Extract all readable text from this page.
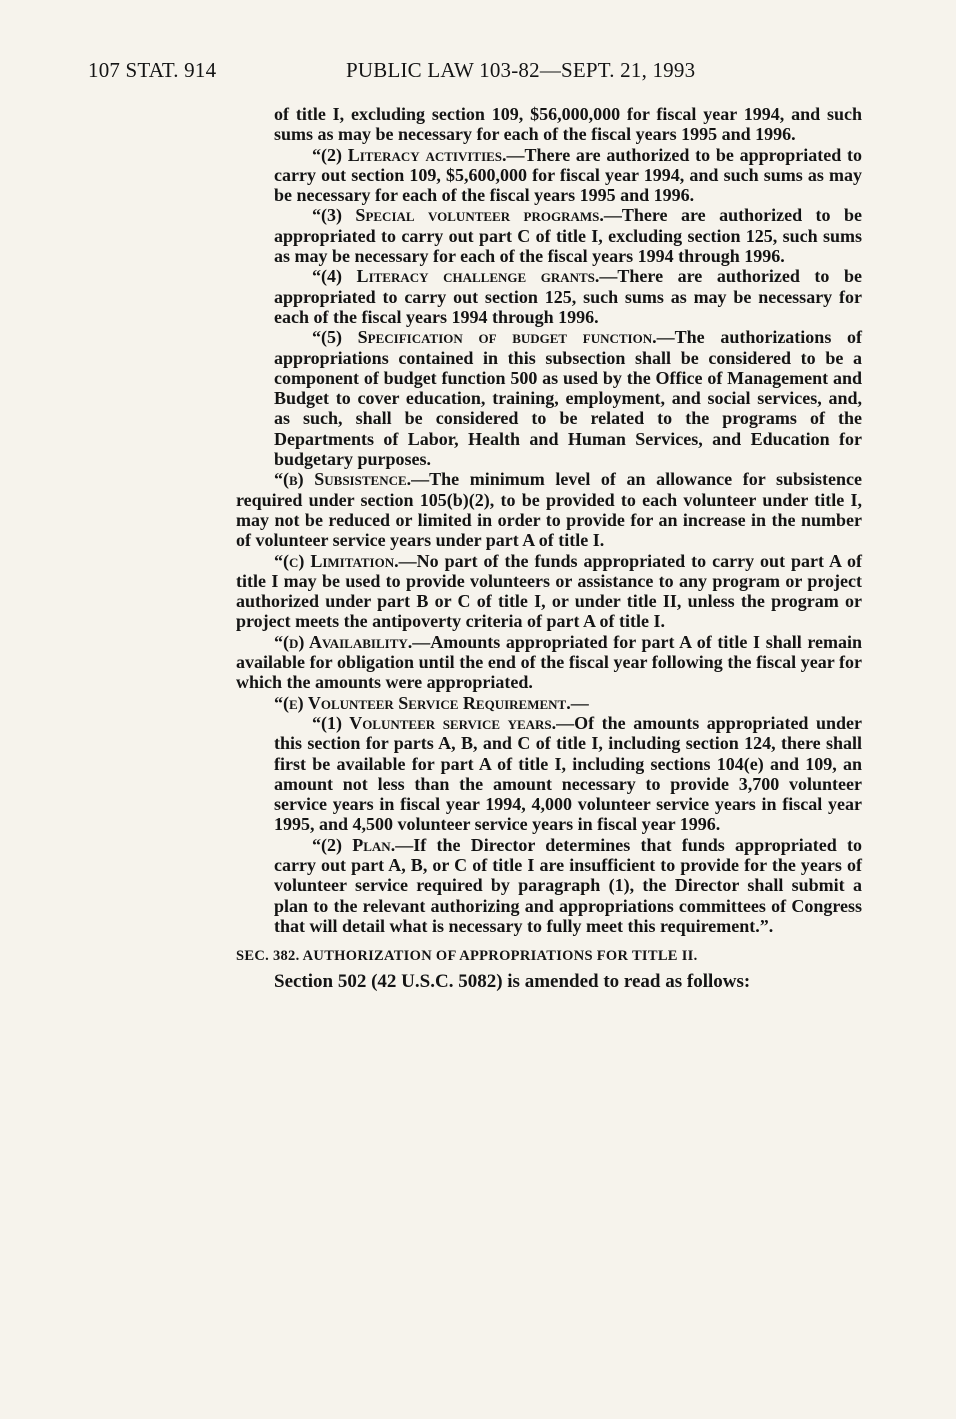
107 STAT. 914	PUBLIC LAW 103-82—SEPT. 21, 1993

of title I, excluding section 109, $56,000,000 for fiscal year 1994, and such sums as may be necessary for each of the fiscal years 1995 and 1996.

“(2) Literacy activities.—There are authorized to be appropriated to carry out section 109, $5,600,000 for fiscal year 1994, and such sums as may be necessary for each of the fiscal years 1995 and 1996.

“(3) Special volunteer programs.—There are authorized to be appropriated to carry out part C of title I, excluding section 125, such sums as may be necessary for each of the fiscal years 1994 through 1996.

“(4) Literacy challenge grants.—There are authorized to be appropriated to carry out section 125, such sums as may be necessary for each of the fiscal years 1994 through 1996.

“(5) Specification of budget function.—The authorizations of appropriations contained in this subsection shall be considered to be a component of budget function 500 as used by the Office of Management and Budget to cover education, training, employment, and social services, and, as such, shall be considered to be related to the programs of the Departments of Labor, Health and Human Services, and Education for budgetary purposes.

“(b) Subsistence.—The minimum level of an allowance for subsistence required under section 105(b)(2), to be provided to each volunteer under title I, may not be reduced or limited in order to provide for an increase in the number of volunteer service years under part A of title I.

“(c) Limitation.—No part of the funds appropriated to carry out part A of title I may be used to provide volunteers or assistance to any program or project authorized under part B or C of title I, or under title II, unless the program or project meets the antipoverty criteria of part A of title I.

“(d) Availability.—Amounts appropriated for part A of title I shall remain available for obligation until the end of the fiscal year following the fiscal year for which the amounts were appropriated.

“(e) Volunteer Service Requirement.—

“(1) Volunteer service years.—Of the amounts appropriated under this section for parts A, B, and C of title I, including section 124, there shall first be available for part A of title I, including sections 104(e) and 109, an amount not less than the amount necessary to provide 3,700 volunteer service years in fiscal year 1994, 4,000 volunteer service years in fiscal year 1995, and 4,500 volunteer service years in fiscal year 1996.

“(2) Plan.—If the Director determines that funds appropriated to carry out part A, B, or C of title I are insufficient to provide for the years of volunteer service required by paragraph (1), the Director shall submit a plan to the relevant authorizing and appropriations committees of Congress that will detail what is necessary to fully meet this requirement.”.

SEC. 382. AUTHORIZATION OF APPROPRIATIONS FOR TITLE II.

Section 502 (42 U.S.C. 5082) is amended to read as follows:
